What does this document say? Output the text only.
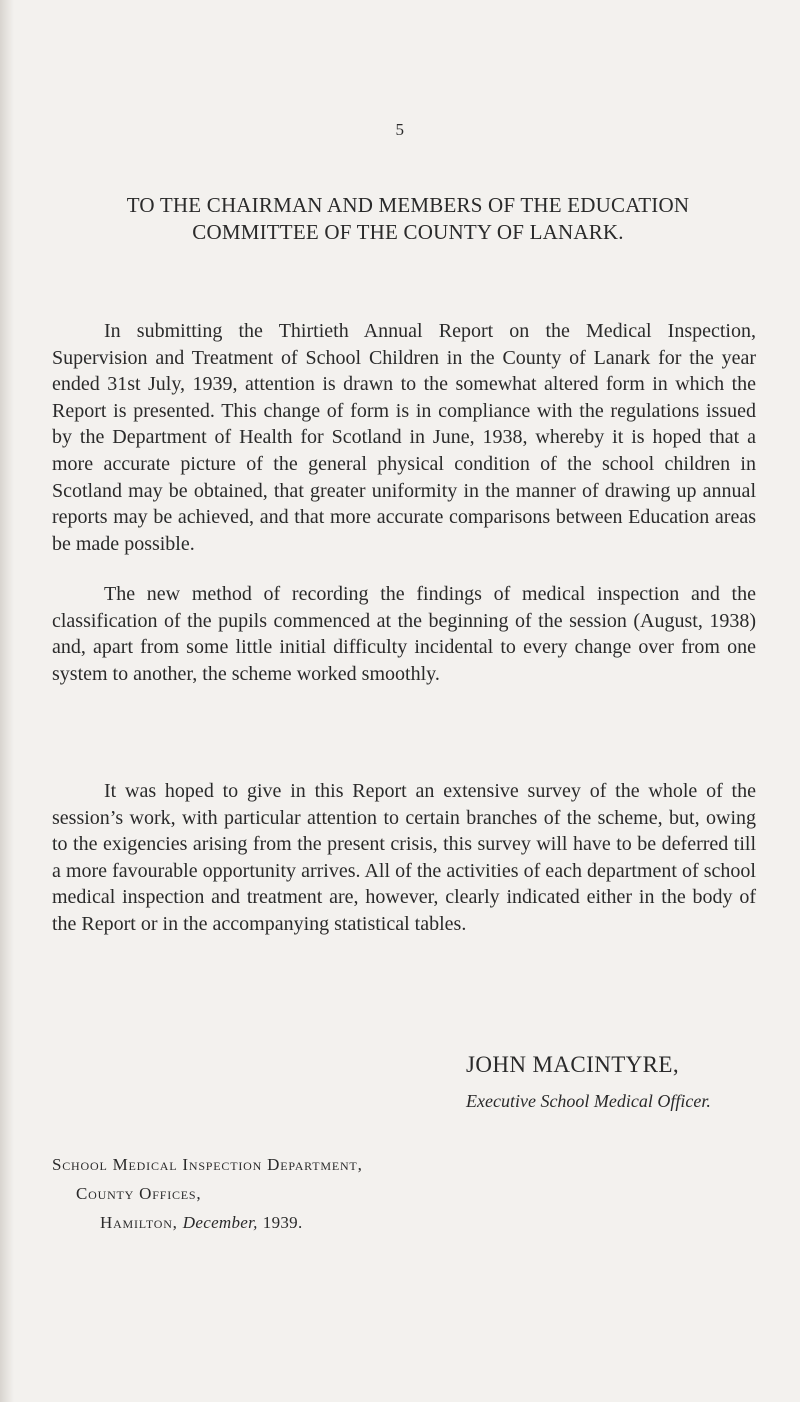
5
TO THE CHAIRMAN AND MEMBERS OF THE EDUCATION
COMMITTEE OF THE COUNTY OF LANARK.

In submitting the Thirtieth Annual Report on the Medical Inspection, Supervision and Treatment of School Children in the County of Lanark for the year ended 31st July, 1939, attention is drawn to the somewhat altered form in which the Report is presented. This change of form is in compliance with the regulations issued by the Department of Health for Scotland in June, 1938, whereby it is hoped that a more accurate picture of the general physical condition of the school children in Scotland may be obtained, that greater uniformity in the manner of drawing up annual reports may be achieved, and that more accurate comparisons between Education areas be made possible.

The new method of recording the findings of medical inspection and the classification of the pupils commenced at the beginning of the session (August, 1938) and, apart from some little initial difficulty incidental to every change over from one system to another, the scheme worked smoothly.

It was hoped to give in this Report an extensive survey of the whole of the session’s work, with particular attention to certain branches of the scheme, but, owing to the exigencies arising from the present crisis, this survey will have to be deferred till a more favourable opportunity arrives. All of the activities of each department of school medical inspection and treatment are, however, clearly indicated either in the body of the Report or in the accompanying statistical tables.

JOHN MACINTYRE,
Executive School Medical Officer.
School Medical Inspection Department,
County Offices,
Hamilton, December, 1939.
